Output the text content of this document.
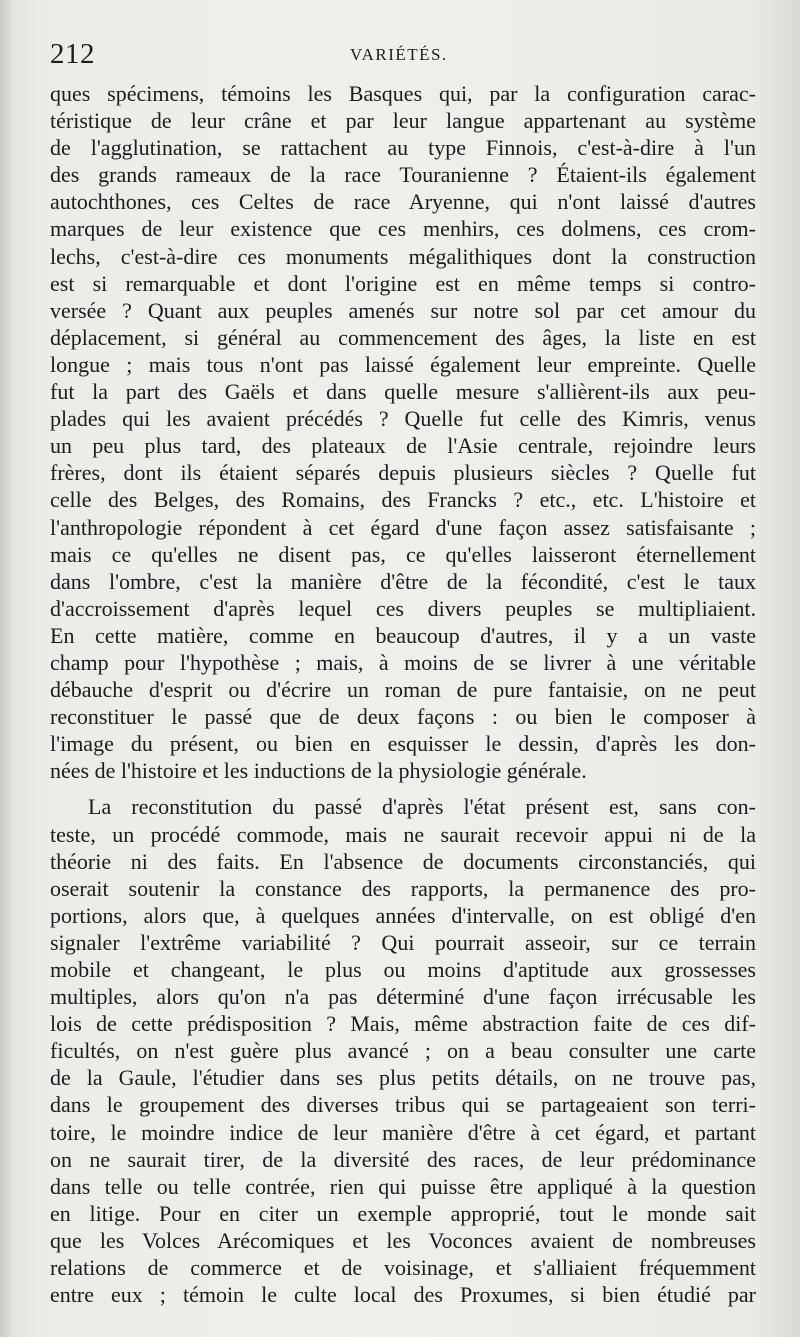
212	VARIÉTÉS.
ques spécimens, témoins les Basques qui, par la configuration carac-
téristique de leur crâne et par leur langue appartenant au système
de l'agglutination, se rattachent au type Finnois, c'est-à-dire à l'un
des grands rameaux de la race Touranienne ? Étaient-ils également
autochthones, ces Celtes de race Aryenne, qui n'ont laissé d'autres
marques de leur existence que ces menhirs, ces dolmens, ces crom-
lechs, c'est-à-dire ces monuments mégalithiques dont la construction
est si remarquable et dont l'origine est en même temps si contro-
versée ? Quant aux peuples amenés sur notre sol par cet amour du
déplacement, si général au commencement des âges, la liste en est
longue ; mais tous n'ont pas laissé également leur empreinte. Quelle
fut la part des Gaëls et dans quelle mesure s'allièrent-ils aux peu-
plades qui les avaient précédés ? Quelle fut celle des Kimris, venus
un peu plus tard, des plateaux de l'Asie centrale, rejoindre leurs
frères, dont ils étaient séparés depuis plusieurs siècles ? Quelle fut
celle des Belges, des Romains, des Francks ? etc., etc. L'histoire et
l'anthropologie répondent à cet égard d'une façon assez satisfaisante ;
mais ce qu'elles ne disent pas, ce qu'elles laisseront éternellement
dans l'ombre, c'est la manière d'être de la fécondité, c'est le taux
d'accroissement d'après lequel ces divers peuples se multipliaient.
En cette matière, comme en beaucoup d'autres, il y a un vaste
champ pour l'hypothèse ; mais, à moins de se livrer à une véritable
débauche d'esprit ou d'écrire un roman de pure fantaisie, on ne peut
reconstituer le passé que de deux façons : ou bien le composer à
l'image du présent, ou bien en esquisser le dessin, d'après les don-
nées de l'histoire et les inductions de la physiologie générale.
La reconstitution du passé d'après l'état présent est, sans con-
teste, un procédé commode, mais ne saurait recevoir appui ni de la
théorie ni des faits. En l'absence de documents circonstanciés, qui
oserait soutenir la constance des rapports, la permanence des pro-
portions, alors que, à quelques années d'intervalle, on est obligé d'en
signaler l'extrême variabilité ? Qui pourrait asseoir, sur ce terrain
mobile et changeant, le plus ou moins d'aptitude aux grossesses
multiples, alors qu'on n'a pas déterminé d'une façon irrécusable les
lois de cette prédisposition ? Mais, même abstraction faite de ces dif-
ficultés, on n'est guère plus avancé ; on a beau consulter une carte
de la Gaule, l'étudier dans ses plus petits détails, on ne trouve pas,
dans le groupement des diverses tribus qui se partageaient son terri-
toire, le moindre indice de leur manière d'être à cet égard, et partant
on ne saurait tirer, de la diversité des races, de leur prédominance
dans telle ou telle contrée, rien qui puisse être appliqué à la question
en litige. Pour en citer un exemple approprié, tout le monde sait
que les Volces Arécomiques et les Voconces avaient de nombreuses
relations de commerce et de voisinage, et s'alliaient fréquemment
entre eux ; témoin le culte local des Proxumes, si bien étudié par
